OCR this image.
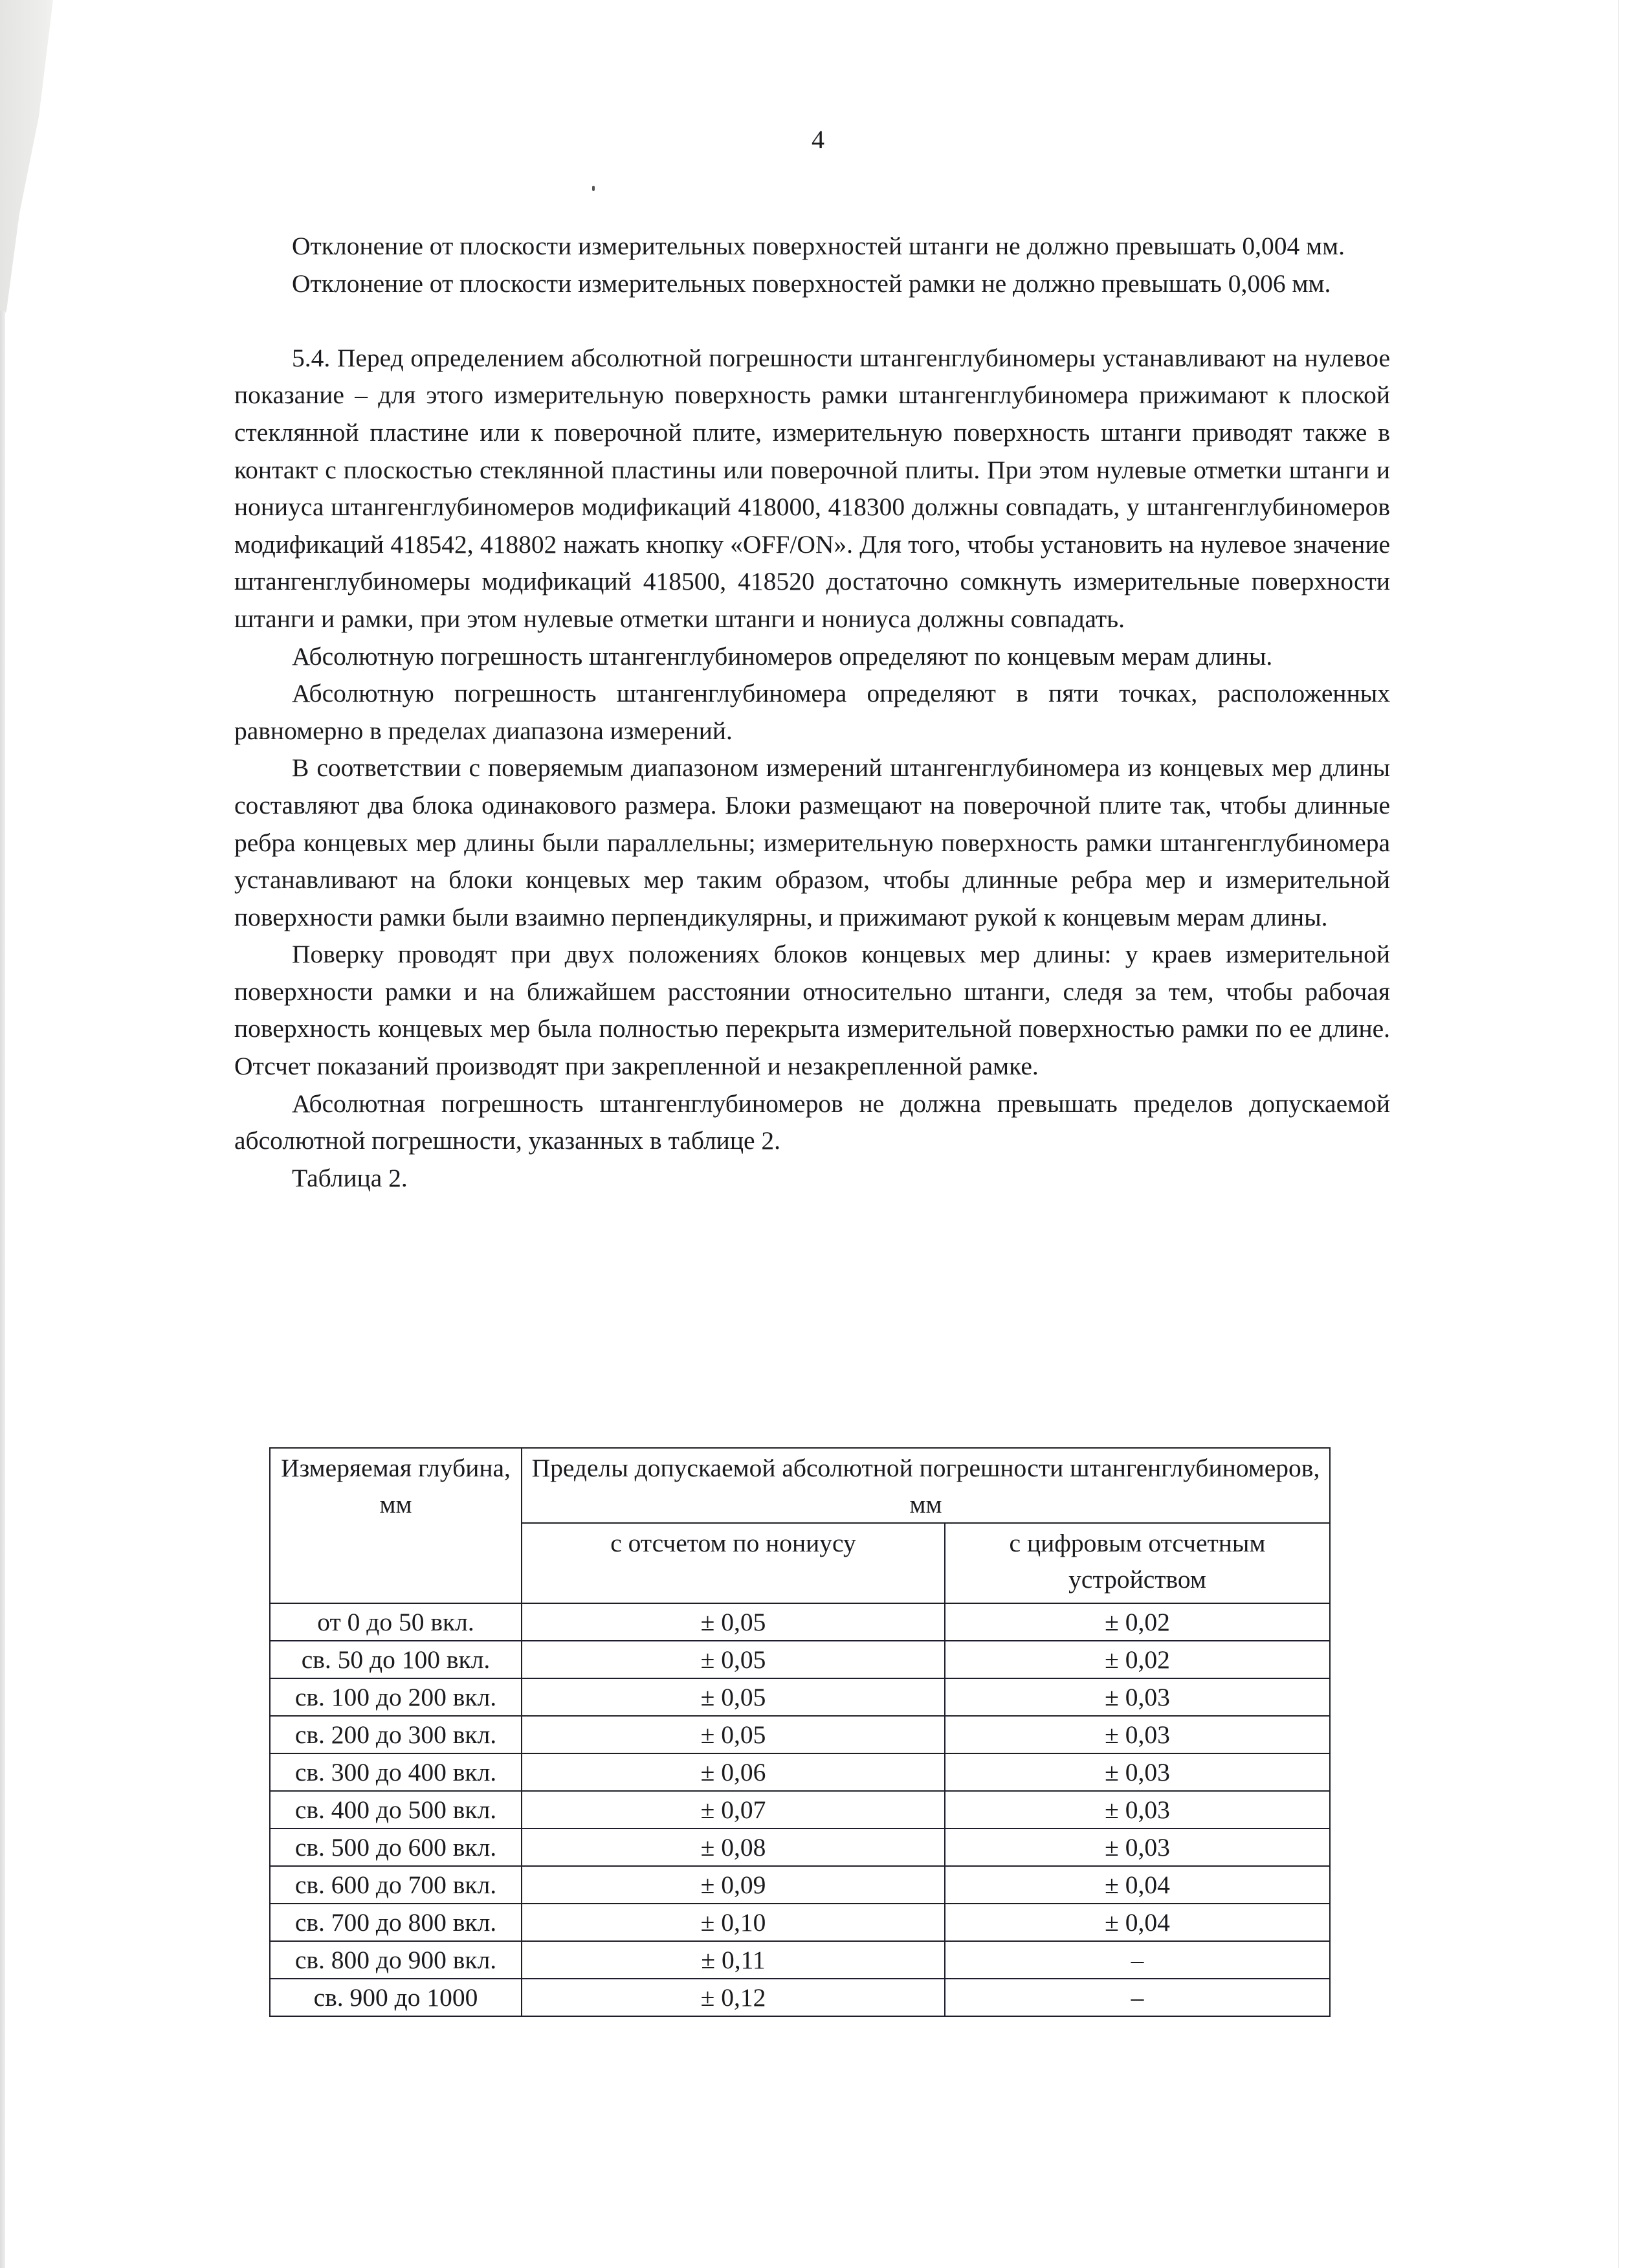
4

Отклонение от плоскости измерительных поверхностей штанги не должно превышать 0,004 мм.

Отклонение от плоскости измерительных поверхностей рамки не должно превышать 0,006 мм.

5.4. Перед определением абсолютной погрешности штангенглубиномеры устанавливают на нулевое показание – для этого измерительную поверхность рамки штангенглубиномера прижимают к плоской стеклянной пластине или к поверочной плите, измерительную поверхность штанги приводят также в контакт с плоскостью стеклянной пластины или поверочной плиты. При этом нулевые отметки штанги и нониуса штангенглубиномеров модификаций 418000, 418300 должны совпадать, у штангенглубиномеров модификаций 418542, 418802 нажать кнопку «OFF/ON». Для того, чтобы установить на нулевое значение штангенглубиномеры модификаций 418500, 418520 достаточно сомкнуть измерительные поверхности штанги и рамки, при этом нулевые отметки штанги и нониуса должны совпадать.

Абсолютную погрешность штангенглубиномеров определяют по концевым мерам длины.

Абсолютную погрешность штангенглубиномера определяют в пяти точках, расположенных равномерно в пределах диапазона измерений.

В соответствии с поверяемым диапазоном измерений штангенглубиномера из концевых мер длины составляют два блока одинакового размера. Блоки размещают на поверочной плите так, чтобы длинные ребра концевых мер длины были параллельны; измерительную поверхность рамки штангенглубиномера устанавливают на блоки концевых мер таким образом, чтобы длинные ребра мер и измерительной поверхности рамки были взаимно перпендикулярны, и прижимают рукой к концевым мерам длины.

Поверку проводят при двух положениях блоков концевых мер длины: у краев измерительной поверхности рамки и на ближайшем расстоянии относительно штанги, следя за тем, чтобы рабочая поверхность концевых мер была полностью перекрыта измерительной поверхностью рамки по ее длине. Отсчет показаний производят при закрепленной и незакрепленной рамке.

Абсолютная погрешность штангенглубиномеров не должна превышать пределов допускаемой абсолютной погрешности, указанных в таблице 2.

Таблица 2.

Измеряемая глубина, мм	Пределы допускаемой абсолютной погрешности штангенглубиномеров, мм	
	с отсчетом по нониусу	с цифровым отсчетным устройством
от 0 до 50 вкл.	± 0,05	± 0,02
св. 50 до 100 вкл.	± 0,05	± 0,02
св. 100 до 200 вкл.	± 0,05	± 0,03
св. 200 до 300 вкл.	± 0,05	± 0,03
св. 300 до 400 вкл.	± 0,06	± 0,03
св. 400 до 500 вкл.	± 0,07	± 0,03
св. 500 до 600 вкл.	± 0,08	± 0,03
св. 600 до 700 вкл.	± 0,09	± 0,04
св. 700 до 800 вкл.	± 0,10	± 0,04
св. 800 до 900 вкл.	± 0,11	–
св. 900 до 1000	± 0,12	–
